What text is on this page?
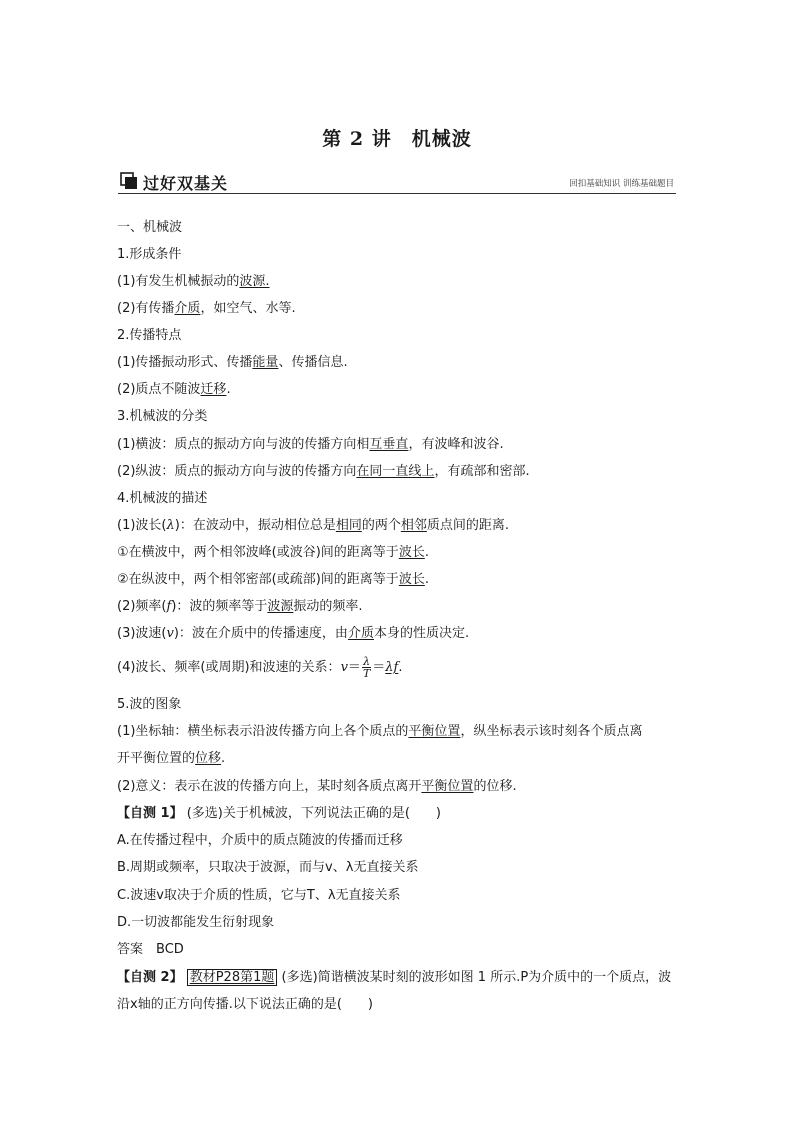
第 2 讲　机械波
过好双基关	回扣基础知识 训练基础题目
一、机械波
1.形成条件
(1)有发生机械振动的波源.
(2)有传播介质，如空气、水等.
2.传播特点
(1)传播振动形式、传播能量、传播信息.
(2)质点不随波迁移.
3.机械波的分类
(1)横波：质点的振动方向与波的传播方向相互垂直，有波峰和波谷.
(2)纵波：质点的振动方向与波的传播方向在同一直线上，有疏部和密部.
4.机械波的描述
(1)波长(λ)：在波动中，振动相位总是相同的两个相邻质点间的距离.
①在横波中，两个相邻波峰(或波谷)间的距离等于波长.
②在纵波中，两个相邻密部(或疏部)间的距离等于波长.
(2)频率(f)：波的频率等于波源振动的频率.
(3)波速(v)：波在介质中的传播速度，由介质本身的性质决定.
(4)波长、频率(或周期)和波速的关系：$v= \frac{\lambda}{T} =\lambda f$.
5.波的图象
(1)坐标轴：横坐标表示沿波传播方向上各个质点的平衡位置，纵坐标表示该时刻各个质点离
开平衡位置的位移.
(2)意义：表示在波的传播方向上，某时刻各质点离开平衡位置的位移.
【自测 1】 (多选)关于机械波，下列说法正确的是(　　)
A.在传播过程中，介质中的质点随波的传播而迁移
B.周期或频率，只取决于波源，而与v、λ无直接关系
C.波速v取决于介质的性质，它与T、λ无直接关系
D.一切波都能发生衍射现象
答案　BCD
【自测 2】 教材P28第1题 (多选)简谐横波某时刻的波形如图 1 所示.P为介质中的一个质点，波
沿x轴的正方向传播.以下说法正确的是(　　)
